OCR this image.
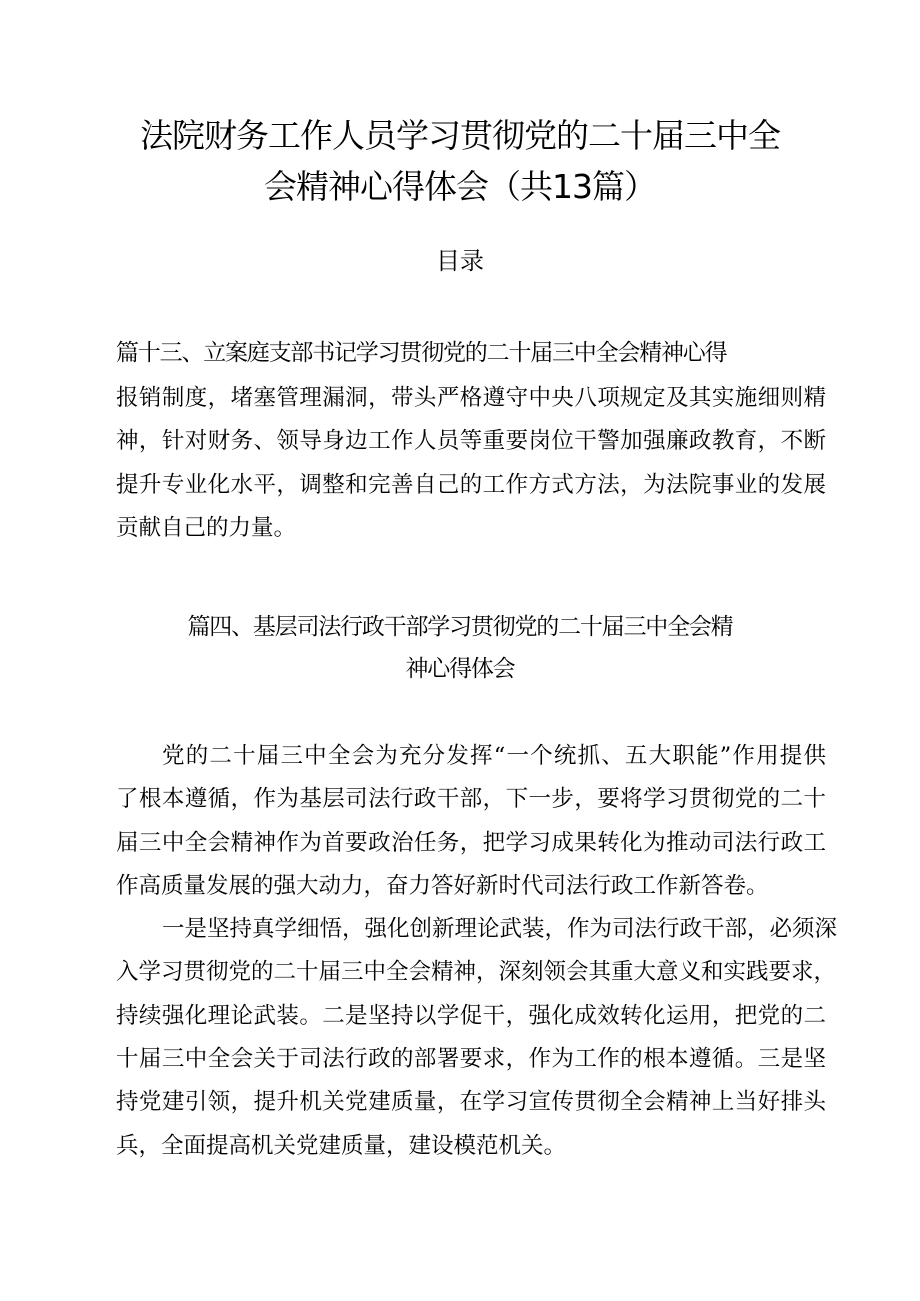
法院财务工作人员学习贯彻党的二十届三中全
会精神心得体会（共13篇）
目录
篇十三、立案庭支部书记学习贯彻党的二十届三中全会精神心得
报销制度，堵塞管理漏洞，带头严格遵守中央八项规定及其实施细则精
神，针对财务、领导身边工作人员等重要岗位干警加强廉政教育，不断
提升专业化水平，调整和完善自己的工作方式方法，为法院事业的发展
贡献自己的力量。
篇四、基层司法行政干部学习贯彻党的二十届三中全会精
神心得体会
党的二十届三中全会为充分发挥“一个统抓、五大职能”作用提供
了根本遵循，作为基层司法行政干部，下一步，要将学习贯彻党的二十
届三中全会精神作为首要政治任务，把学习成果转化为推动司法行政工
作高质量发展的强大动力，奋力答好新时代司法行政工作新答卷。
一是坚持真学细悟，强化创新理论武装，作为司法行政干部，必须深
入学习贯彻党的二十届三中全会精神，深刻领会其重大意义和实践要求，
持续强化理论武装。二是坚持以学促干，强化成效转化运用，把党的二
十届三中全会关于司法行政的部署要求，作为工作的根本遵循。三是坚
持党建引领，提升机关党建质量，在学习宣传贯彻全会精神上当好排头
兵，全面提高机关党建质量，建设模范机关。
